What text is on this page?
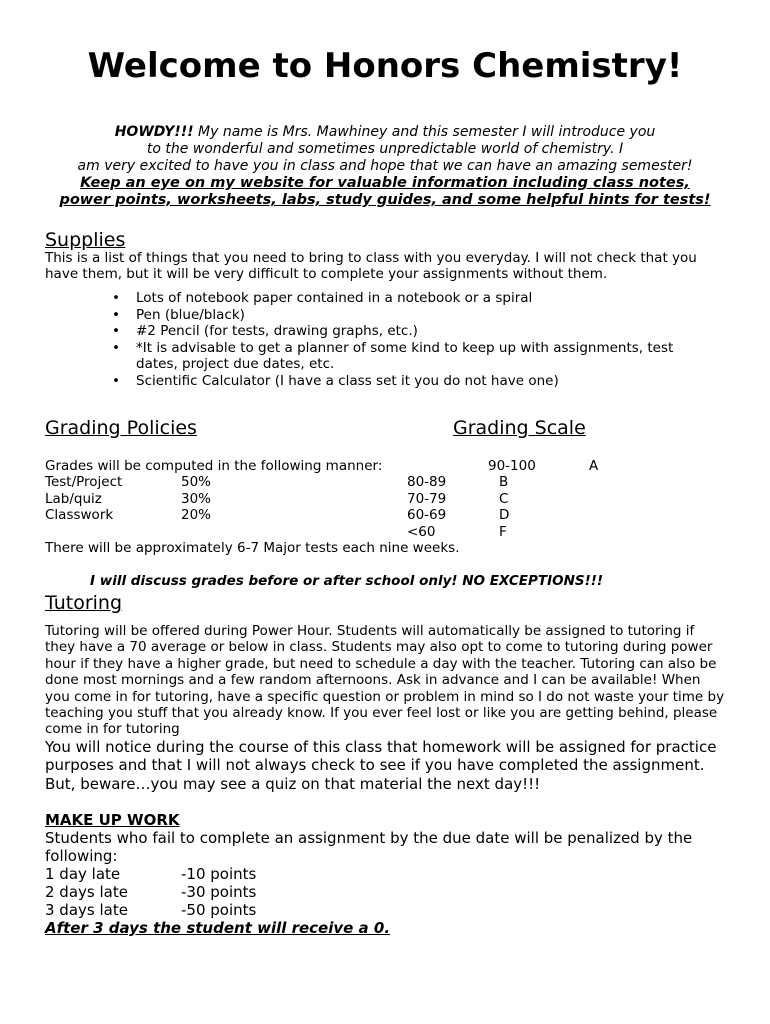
Welcome to Honors Chemistry!
HOWDY!!! My name is Mrs. Mawhiney and this semester I will introduce you
to the wonderful and sometimes unpredictable world of chemistry. I
am very excited to have you in class and hope that we can have an amazing semester!
Keep an eye on my website for valuable information including class notes,
power points, worksheets, labs, study guides, and some helpful hints for tests!
Supplies
This is a list of things that you need to bring to class with you everyday. I will not check that you
have them, but it will be very difficult to complete your assignments without them.
• Lots of notebook paper contained in a notebook or a spiral
• Pen (blue/black)
• #2 Pencil (for tests, drawing graphs, etc.)
• *It is advisable to get a planner of some kind to keep up with assignments, test dates, project due dates, etc.
• Scientific Calculator (I have a class set it you do not have one)
Grading Policies	Grading Scale
Grades will be computed in the following manner:	90-100	A
Test/Project	50%	80-89	B
Lab/quiz	30%	70-79	C
Classwork	20%	60-69	D
<60	F
There will be approximately 6-7 Major tests each nine weeks.
I will discuss grades before or after school only! NO EXCEPTIONS!!!
Tutoring

Tutoring will be offered during Power Hour. Students will automatically be assigned to tutoring if they have a 70 average or below in class. Students may also opt to come to tutoring during power hour if they have a higher grade, but need to schedule a day with the teacher. Tutoring can also be done most mornings and a few random afternoons. Ask in advance and I can be available! When you come in for tutoring, have a specific question or problem in mind so I do not waste your time by teaching you stuff that you already know. If you ever feel lost or like you are getting behind, please come in for tutoring

You will notice during the course of this class that homework will be assigned for practice purposes and that I will not always check to see if you have completed the assignment. But, beware…you may see a quiz on that material the next day!!!
MAKE UP WORK
Students who fail to complete an assignment by the due date will be penalized by the following:
1 day late	-10 points
2 days late	-30 points
3 days late	-50 points
After 3 days the student will receive a 0.
